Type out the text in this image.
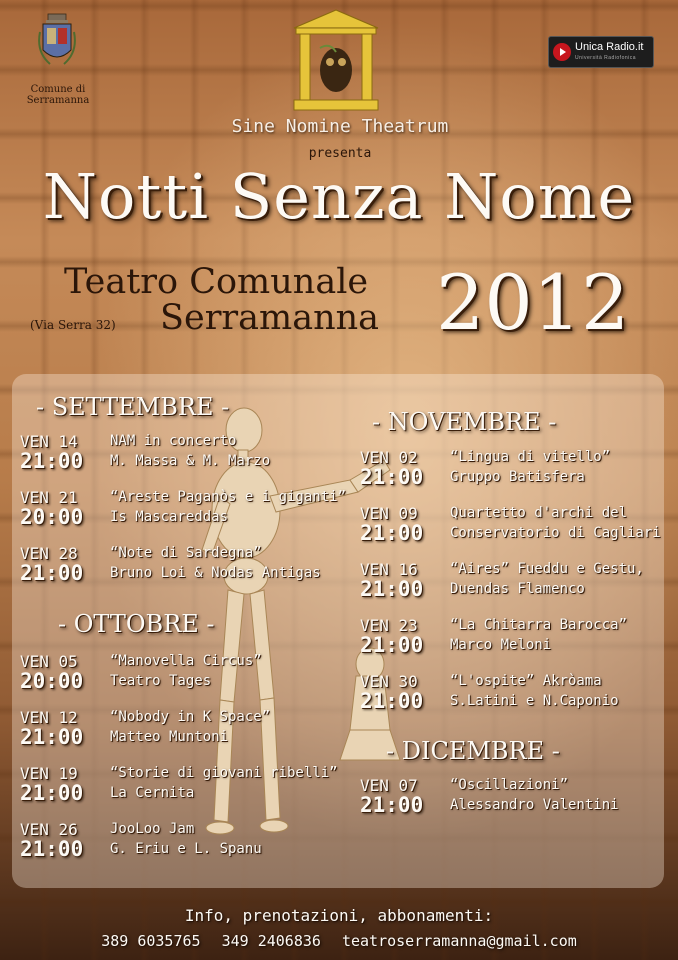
Comune di Serramanna
Unica Radio.it
Università Radiofonica
Sine Nomine Theatrum
presenta
Notti Senza Nome
Teatro Comunale
(Via Serra 32) Serramanna 2012
- SETTEMBRE -
- OTTOBRE -
- NOVEMBRE -
- DICEMBRE -
VEN 14
21:00
NAM in concerto
M. Massa & M. Marzo
VEN 21
20:00
“Areste Paganòs e i giganti”
Is Mascareddas
VEN 28
21:00
“Note di Sardegna”
Bruno Loi & Nodas Antigas
VEN 05
20:00
“Manovella Circus”
Teatro Tages
VEN 12
21:00
“Nobody in K Space”
Matteo Muntoni
VEN 19
21:00
“Storie di giovani ribelli”
La Cernita
VEN 26
21:00
JooLoo Jam
G. Eriu e L. Spanu
VEN 02
21:00
“Lingua di vitello”
Gruppo Batisfera
VEN 09
21:00
Quartetto d'archi del
Conservatorio di Cagliari
VEN 16
21:00
“Aires” Fueddu e Gestu,
Duendas Flamenco
VEN 23
21:00
“La Chitarra Barocca”
Marco Meloni
VEN 30
21:00
“L'ospite” Akròama
S.Latini e N.Caponio
VEN 07
21:00
“Oscillazioni”
Alessandro Valentini
Info, prenotazioni, abbonamenti:
389 6035765 349 2406836 teatroserramanna@gmail.com
